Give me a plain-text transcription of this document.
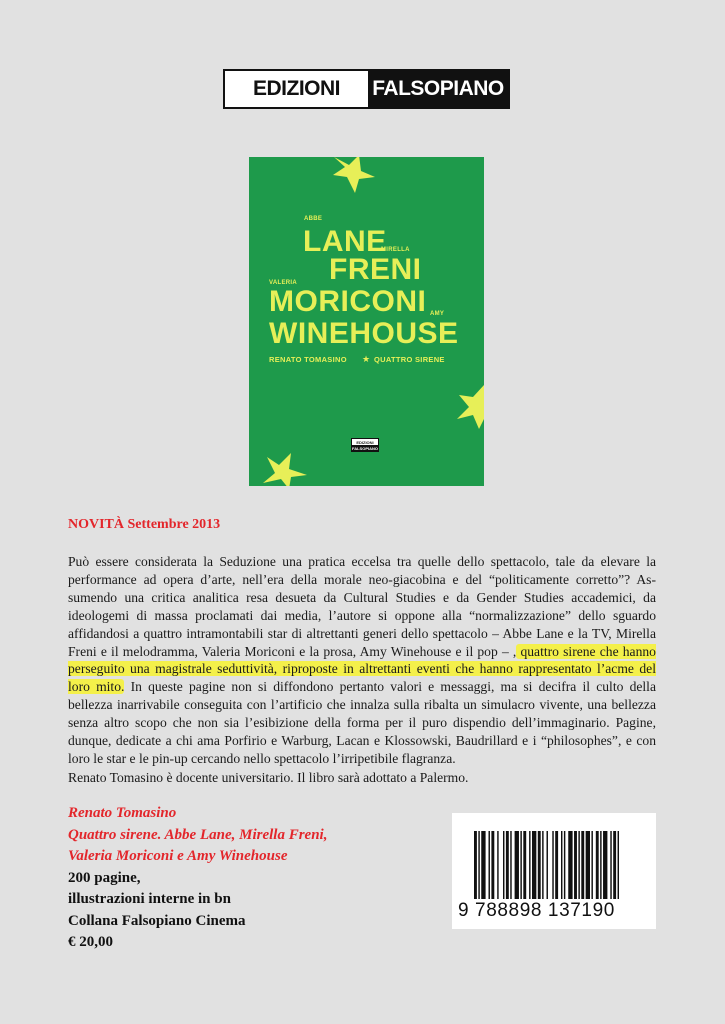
EDIZIONI	FALSOPIANO
ABBE
LANE
MIRELLA
FRENI
VALERIA
MORICONI AMY
WINEHOUSE
RENATO TOMASINO ★ QUATTRO SIRENE
EDIZIONI
FALSOPIANO
NOVITÀ Settembre 2013
Può essere considerata la Seduzione una pratica eccelsa tra quelle dello spettacolo, tale da elevare la performance ad opera d’arte, nell’era della morale neo-giacobina e del “politicamente corretto”? Assumendo una critica analitica resa desueta da Cultural Studies e da Gender Studies accademici, da ideologemi di massa proclamati dai media, l’autore si oppone alla “normalizzazione” dello sguardo affidandosi a quattro intramontabili star di altrettanti generi dello spettacolo – Abbe Lane e la TV, Mirella Freni e il melodramma, Valeria Moriconi e la prosa, Amy Winehouse e il pop – , quattro sirene che hanno perseguito una magistrale seduttività, riproposte in altrettanti eventi che hanno rappresentato l’acme del loro mito. In queste pagine non si diffondono pertanto valori e messaggi, ma si decifra il culto della bellezza inarrivabile conseguita con l’artificio che innalza sulla ribalta un simulacro vivente, una bellezza senza altro scopo che non sia l’esibizione della forma per il puro dispendio dell’immaginario. Pagine, dunque, dedicate a chi ama Porfirio e Warburg, Lacan e Klossowski, Baudrillard e i “philosophes”, e con loro le star e le pin-up cercando nello spettacolo l’irripetibile flagranza.
Renato Tomasino è docente universitario. Il libro sarà adottato a Palermo.
Renato Tomasino
Quattro sirene. Abbe Lane, Mirella Freni,
Valeria Moriconi e Amy Winehouse
200 pagine,
illustrazioni interne in bn
Collana Falsopiano Cinema
€ 20,00
9 788898 137190
